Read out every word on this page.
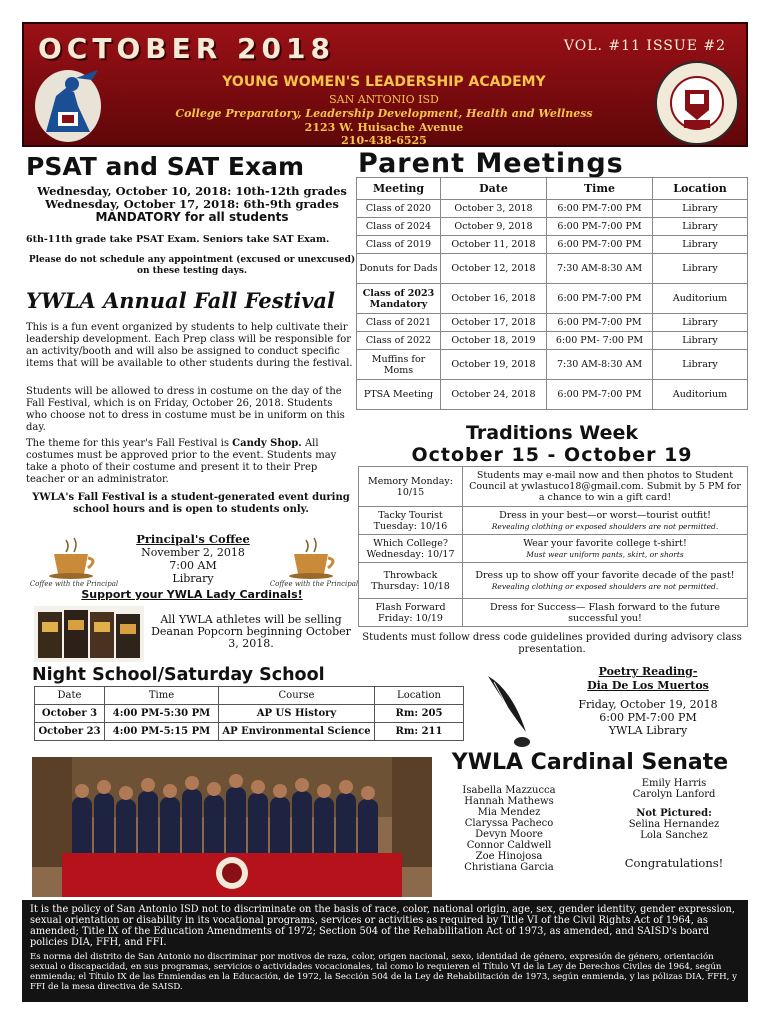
OCTOBER 2018	VOL. #11 ISSUE #2
YOUNG WOMEN'S LEADERSHIP ACADEMY
SAN ANTONIO ISD
College Preparatory, Leadership Development, Health and Wellness
2123 W. Huisache Avenue
210-438-6525
PSAT and SAT Exam
Wednesday, October 10, 2018: 10th-12th grades
Wednesday, October 17, 2018: 6th-9th grades
MANDATORY for all students
6th-11th grade take PSAT Exam. Seniors take SAT Exam.
Please do not schedule any appointment (excused or unexcused) on these testing days.
YWLA Annual Fall Festival
This is a fun event organized by students to help cultivate their leadership development. Each Prep class will be responsible for an activity/booth and will also be assigned to conduct specific items that will be available to other students during the festival.
Students will be allowed to dress in costume on the day of the Fall Festival, which is on Friday, October 26, 2018. Students who choose not to dress in costume must be in uniform on this day.
The theme for this year's Fall Festival is Candy Shop. All costumes must be approved prior to the event. Students may take a photo of their costume and present it to their Prep teacher or an administrator.
YWLA's Fall Festival is a student-generated event during school hours and is open to students only.
Coffee with the Principal
Principal's Coffee
November 2, 2018
7:00 AM
Library	Coffee with the Principal
Support your YWLA Lady Cardinals!
All YWLA athletes will be selling Deanan Popcorn beginning October 3, 2018.
Parent Meetings
Meeting	Date	Time	Location
Class of 2020	October 3, 2018	6:00 PM-7:00 PM	Library
Class of 2024	October 9, 2018	6:00 PM-7:00 PM	Library
Class of 2019	October 11, 2018	6:00 PM-7:00 PM	Library
Donuts for Dads	October 12, 2018	7:30 AM-8:30 AM	Library
Class of 2023 Mandatory	October 16, 2018	6:00 PM-7:00 PM	Auditorium
Class of 2021	October 17, 2018	6:00 PM-7:00 PM	Library
Class of 2022	October 18, 2019	6:00 PM- 7:00 PM	Library
Muffins for Moms	October 19, 2018	7:30 AM-8:30 AM	Library
PTSA Meeting	October 24, 2018	6:00 PM-7:00 PM	Auditorium
Traditions Week
October 15 - October 19
Memory Monday: 10/15	Students may e-mail now and then photos to Student Council at ywlastuco18@gmail.com. Submit by 5 PM for a chance to win a gift card!
Tacky Tourist Tuesday: 10/16	Dress in your best—or worst—tourist outfit!
Revealing clothing or exposed shoulders are not permitted.

Which College? Wednesday: 10/17	Wear your favorite college t-shirt!
Must wear uniform pants, skirt, or shorts

Throwback Thursday: 10/18	Dress up to show off your favorite decade of the past!
Revealing clothing or exposed shoulders are not permitted.

Flash Forward Friday: 10/19	Dress for Success— Flash forward to the future successful you!
Students must follow dress code guidelines provided during advisory class presentation.
Night School/Saturday School
Date	Time	Course	Location
October 3	4:00 PM-5:30 PM	AP US History	Rm: 205
October 23	4:00 PM-5:15 PM	AP Environmental Science	Rm: 211
Poetry Reading-
Dia De Los Muertos
Friday, October 19, 2018
6:00 PM-7:00 PM
YWLA Library
YWLA Cardinal Senate
Isabella Mazzucca
Hannah Mathews
Mia Mendez
Claryssa Pacheco
Devyn Moore
Connor Caldwell
Zoe Hinojosa
Christiana Garcia
Emily Harris
Carolyn Lanford
Not Pictured:
Selina Hernandez
Lola Sanchez
Congratulations!

It is the policy of San Antonio ISD not to discriminate on the basis of race, color, national origin, age, sex, gender identity, gender expression, sexual orientation or disability in its vocational programs, services or activities as required by Title VI of the Civil Rights Act of 1964, as amended; Title IX of the Education Amendments of 1972; Section 504 of the Rehabilitation Act of 1973, as amended, and SAISD's board policies DIA, FFH, and FFI.

Es norma del distrito de San Antonio no discriminar por motivos de raza, color, origen nacional, sexo, identidad de género, expresión de género, orientación sexual o discapacidad, en sus programas, servicios o actividades vocacionales, tal como lo requieren el Título VI de la Ley de Derechos Civiles de 1964, según enmienda; el Título IX de las Enmiendas en la Educación, de 1972, la Sección 504 de la Ley de Rehabilitación de 1973, según enmienda, y las pólizas DIA, FFH, y FFI de la mesa directiva de SAISD.
